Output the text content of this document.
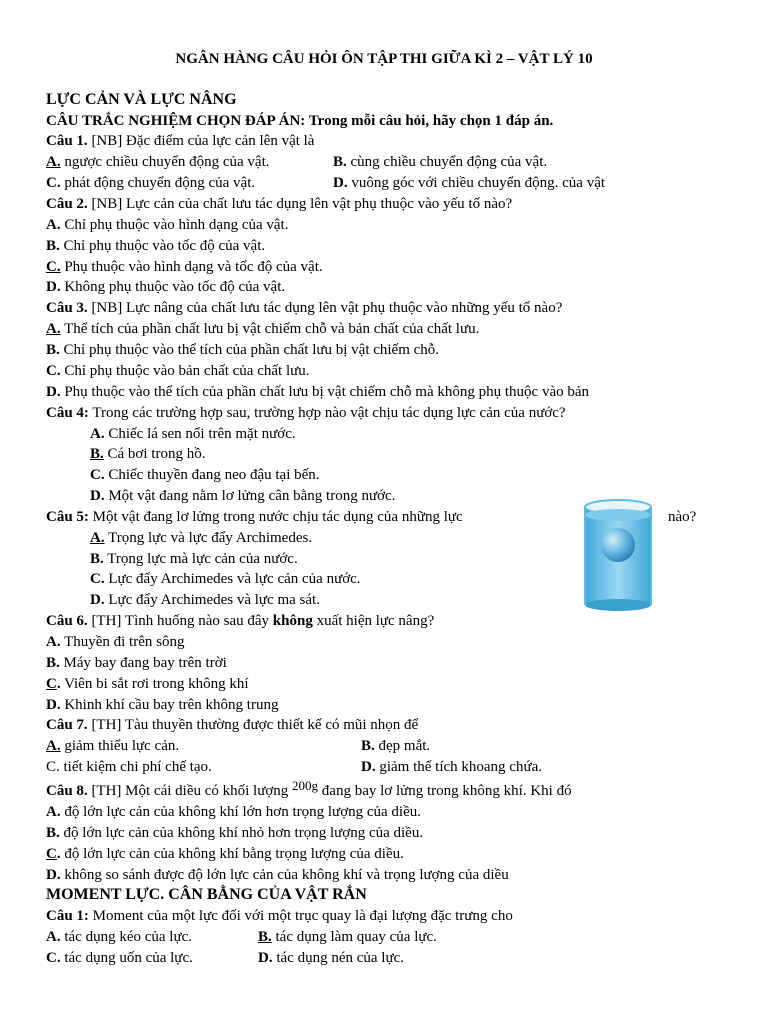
NGÂN HÀNG CÂU HỎI ÔN TẬP THI GIỮA KÌ 2 – VẬT LÝ 10
LỰC CẢN VÀ LỰC NÂNG
CÂU TRẮC NGHIỆM CHỌN ĐÁP ÁN: Trong mỗi câu hỏi, hãy chọn 1 đáp án.
Câu 1. [NB] Đặc điểm của lực cản lên vật là
A. ngược chiều chuyển động của vật.	B. cùng chiều chuyển động của vật.
C. phát động chuyển động của vật.	D. vuông góc với chiều chuyển động. của vật
Câu 2. [NB] Lực cản của chất lưu tác dụng lên vật phụ thuộc vào yếu tố nào?
A. Chỉ phụ thuộc vào hình dạng của vật.
B. Chỉ phụ thuộc vào tốc độ của vật.
C. Phụ thuộc vào hình dạng và tốc độ của vật.
D. Không phụ thuộc vào tốc độ của vật.
Câu 3. [NB] Lực nâng của chất lưu tác dụng lên vật phụ thuộc vào những yếu tố nào?
A. Thể tích của phần chất lưu bị vật chiếm chỗ và bản chất của chất lưu.
B. Chỉ phụ thuộc vào thể tích của phần chất lưu bị vật chiếm chỗ.
C. Chỉ phụ thuộc vào bản chất của chất lưu.
D. Phụ thuộc vào thể tích của phần chất lưu bị vật chiếm chỗ mà không phụ thuộc vào bản
Câu 4: Trong các trường hợp sau, trường hợp nào vật chịu tác dụng lực cản của nước?
A. Chiếc lá sen nổi trên mặt nước.
B. Cá bơi trong hồ.
C. Chiếc thuyền đang neo đậu tại bến.
D. Một vật đang nằm lơ lửng cân bằng trong nước.
Câu 5: Một vật đang lơ lửng trong nước chịu tác dụng của những lực	nào?
A. Trọng lực và lực đẩy Archimedes.
B. Trọng lực mà lực cản của nước.
C. Lực đẩy Archimedes và lực cản của nước.
D. Lực đẩy Archimedes và lực ma sát.
Câu 6. [TH] Tình huống nào sau đây không xuất hiện lực nâng?
A. Thuyền đi trên sông
B. Máy bay đang bay trên trời
C. Viên bi sắt rơi trong không khí
D. Khinh khí cầu bay trên không trung
Câu 7. [TH] Tàu thuyền thường được thiết kế có mũi nhọn để
A. giảm thiểu lực cản.	B. đẹp mắt.
C. tiết kiệm chi phí chế tạo.	D. giảm thể tích khoang chứa.
Câu 8. [TH] Một cái diều có khối lượng 200g đang bay lơ lửng trong không khí. Khi đó
A. độ lớn lực cản của không khí lớn hơn trọng lượng của diều.
B. độ lớn lực cản của không khí nhỏ hơn trọng lượng của diều.
C. độ lớn lực cản của không khí bằng trọng lượng của diều.
D. không so sánh được độ lớn lực cản của không khí và trọng lượng của diều
MOMENT LỰC. CÂN BẰNG CỦA VẬT RẮN
Câu 1: Moment của một lực đối với một trục quay là đại lượng đặc trưng cho
A. tác dụng kéo của lực.	B. tác dụng làm quay của lực.
C. tác dụng uốn của lực.	D. tác dụng nén của lực.
